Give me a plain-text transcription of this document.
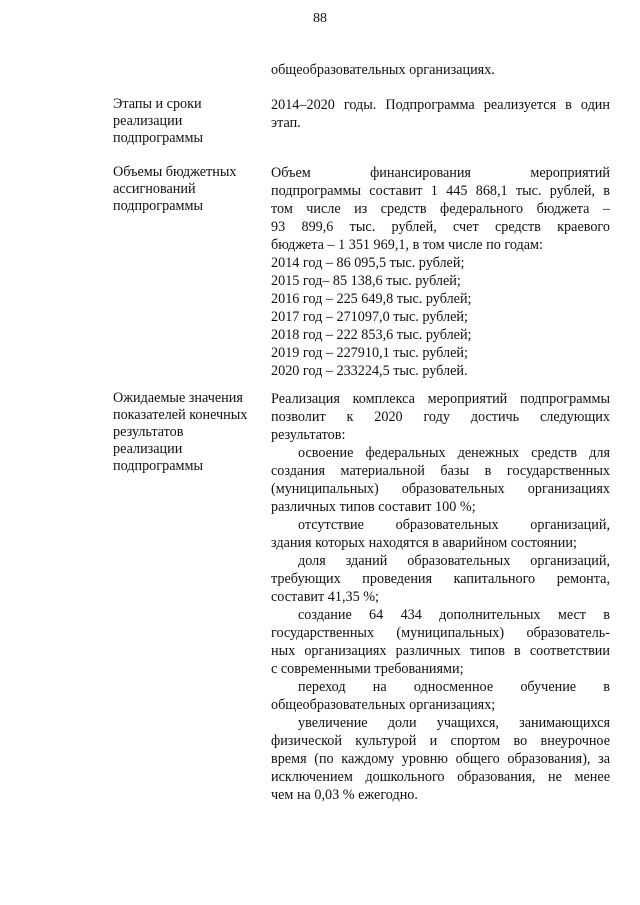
88
общеобразовательных организациях.
Этапы и сроки
реализации
подпрограммы
2014–2020 годы. Подпрограмма реализуется в один
этап.
Объемы бюджетных
ассигнований
подпрограммы
Объем финансирования мероприятий
подпрограммы составит 1 445 868,1 тыс. рублей, в
том числе из средств федерального бюджета –
93 899,6 тыс. рублей, счет средств краевого
бюджета – 1 351 969,1, в том числе по годам:
2014 год – 86 095,5 тыс. рублей;
2015 год– 85 138,6 тыс. рублей;
2016 год – 225 649,8 тыс. рублей;
2017 год – 271097,0 тыс. рублей;
2018 год – 222 853,6 тыс. рублей;
2019 год – 227910,1 тыс. рублей;
2020 год – 233224,5 тыс. рублей.
Ожидаемые значения
показателей конечных
результатов
реализации
подпрограммы
Реализация комплекса мероприятий подпрограммы
позволит к 2020 году достичь следующих
результатов:
освоение федеральных денежных средств для
создания материальной базы в государственных
(муниципальных) образовательных организациях
различных типов составит 100 %;
отсутствие образовательных организаций,
здания которых находятся в аварийном состоянии;
доля зданий образовательных организаций,
требующих проведения капитального ремонта,
составит 41,35 %;
создание 64 434 дополнительных мест в
государственных (муниципальных) образователь-
ных организациях различных типов в соответствии
с современными требованиями;
переход на односменное обучение в
общеобразовательных организациях;
увеличение доли учащихся, занимающихся
физической культурой и спортом во внеурочное
время (по каждому уровню общего образования), за
исключением дошкольного образования, не менее
чем на 0,03 % ежегодно.
